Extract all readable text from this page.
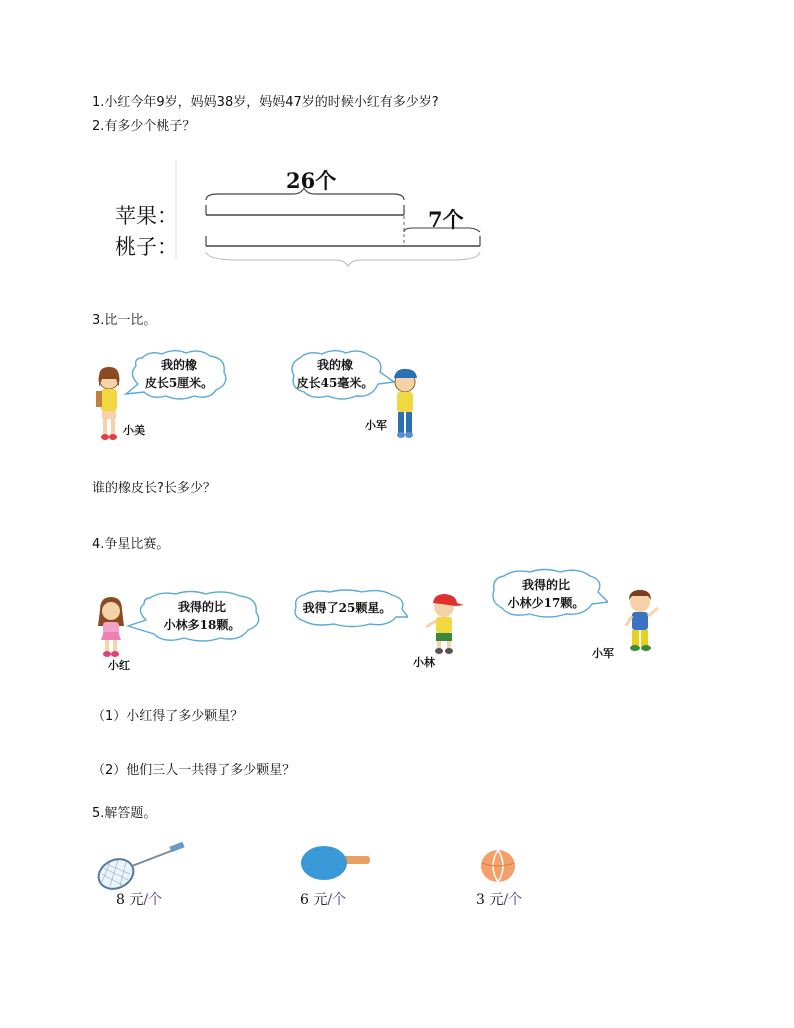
1.小红今年9岁，妈妈38岁，妈妈47岁的时候小红有多少岁?
2.有多少个桃子？
26个
苹果：
桃子：
7个
3.比一比。
我的橡
皮长5厘米。
小美
我的橡
皮长45毫米。
小军
谁的橡皮长?长多少？
4.争星比赛。
我得的比
小林多18颗。
小红
我得了25颗星。
小林
我得的比
小林少17颗。
小军
（1）小红得了多少颗星？
（2）他们三人一共得了多少颗星？
5.解答题。
8 元/个	6 元/个	3 元/个
